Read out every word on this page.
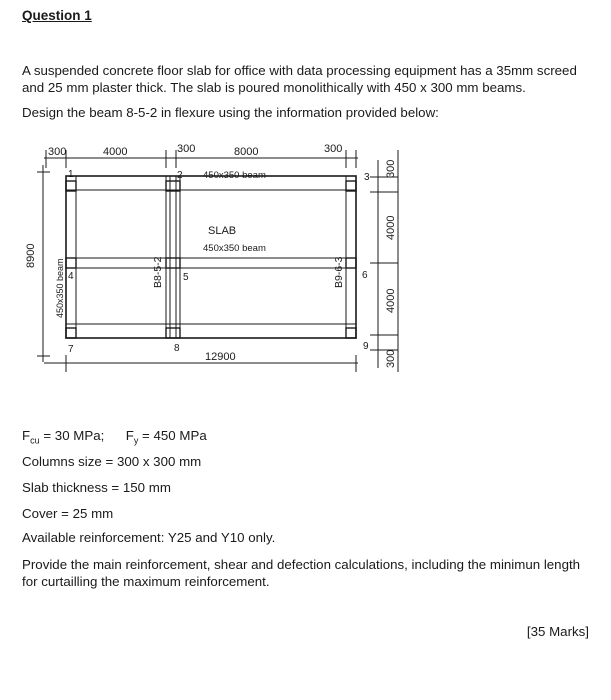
Question 1
A suspended concrete floor slab for office with data processing equipment has a 35mm screed and 25 mm plaster thick. The slab is poured monolithically with 450 x 300 mm beams.
Design the beam 8-5-2 in flexure using the information provided below:
300	4000	300	8000	300
12900
8900
300
4000
4000
300
450x350 beam
SLAB
450x350 beam
450x350 beam	B8-5-2	B9-6-3
1	2	3
4	5	6
7	8	9
$F_{cu} = 30$ MPa; $F_y = 450$ MPa
Columns size = 300 x 300 mm
Slab thickness = 150 mm
Cover = 25 mm
Available reinforcement: Y25 and Y10 only.
Provide the main reinforcement, shear and defection calculations, including the minimun length for curtailling the maximum reinforcement.
[35 Marks]
